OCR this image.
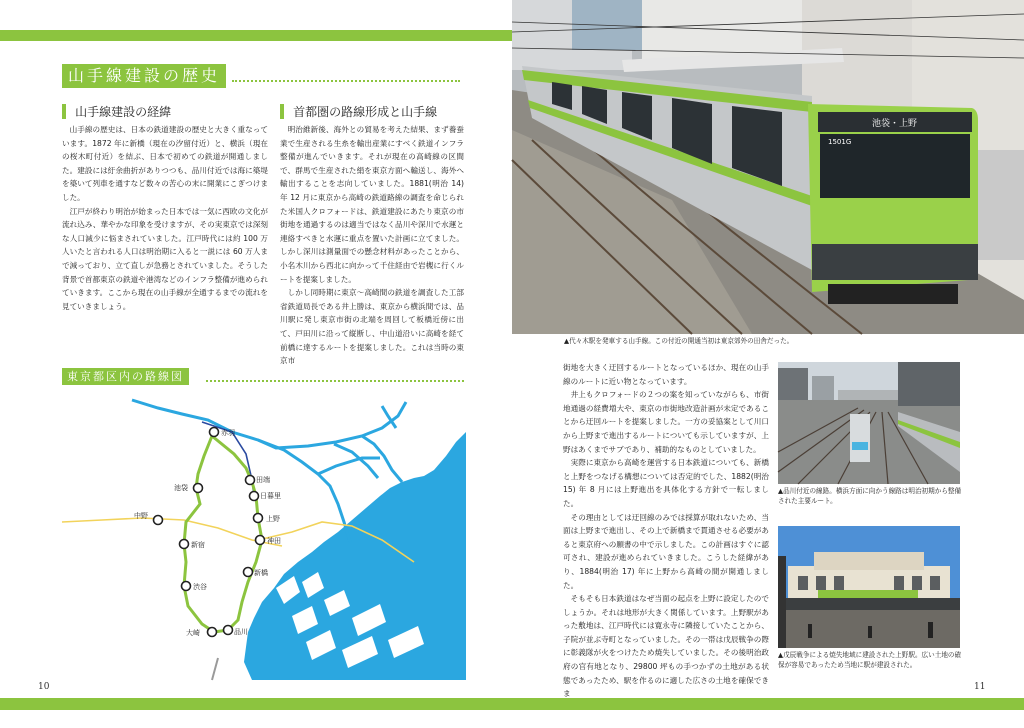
山手線建設の歴史
山手線建設の経緯

山手線の歴史は、日本の鉄道建設の歴史と大きく重なっています。1872 年に新橋（現在の汐留付近）と、横浜（現在の桜木町付近）を結ぶ、日本で初めての鉄道が開通しました。建設には紆余曲折がありつつも、品川付近では海に築堤を築いて列車を通すなど数々の苦心の末に開業にこぎつけました。

江戸が終わり明治が始まった日本では一気に西欧の文化が流れ込み、華やかな印象を受けますが、その実東京では深刻な人口減少に悩まされていました。江戸時代には約 100 万人いたと言われる人口は明治期に入ると一説には 60 万人まで減っており、立て直しが急務とされていました。そうした背景で首都東京の鉄道や港湾などのインフラ整備が進められていきます。ここから現在の山手線が全通するまでの流れを見ていきましょう。

首都圏の路線形成と山手線

明治維新後、海外との貿易を考えた結果、まず養蚕業で生産される生糸を輸出産業にすべく鉄道インフラ整備が進んでいきます。それが現在の高崎線の区間で、群馬で生産された絹を東京方面へ輸送し、海外へ輸出することを志向していました。1881(明治 14) 年 12 月に東京から高崎の鉄道路線の調査を命じられた米国人クロフォードは、鉄道建設にあたり東京の市街地を通過するのは適当ではなく品川や深川で水運と連絡すべきと水運に重点を置いた計画に立てました。しかし深川は測量面での懸念材料があったことから、小名木川から西北に向かって千住経由で岩槻に行くルートを提案しました。

しかし同時期に東京〜高崎間の鉄道を調査した工部省鉄道局長である井上勝は、東京から横浜間では、品川駅に発し東京市街の北端を周回して板橋近傍に出て、戸田川に沿って縦断し、中山道沿いに高崎を経て前橋に達するルートを提案しました。これは当時の東京市

東京都区内の路線図
赤羽
池袋
田端
日暮里
上野
中野
新宿	神田
新橋
渋谷
大崎	品川
10	11
池袋・上野
1501G
▲代々木駅を発車する山手線。この付近の開通当初は東京郊外の田舎だった。

街地を大きく迂回するルートとなっているほか、現在の山手線のルートに近い物となっています。

井上もクロフォードの２つの案を知っていながらも、市街地通過の経費増大や、東京の市街地改造計画が未定であることから迂回ルートを提案しました。一方の妥協案として川口から上野まで進出するルートについても示していますが、上野はあくまでサブであり、補助的なものとしていました。

実際に東京から高崎を運営する日本鉄道についても、新橋と上野をつなげる構想については否定的でした、1882(明治 15) 年 8 月には上野進出を具体化する方針で一転しました。

その理由としては迂回線のみでは採算が取れないため、当面は上野まで進出し、その上で新橋まで貫通させる必要があると東京府への願書の中で示しました。この計画はすぐに認可され、建設が進められていきました。こうした経緯があり、1884(明治 17) 年に上野から高崎の間が開通しました。

そもそも日本鉄道はなぜ当面の起点を上野に設定したのでしょうか。それは地形が大きく関係しています。上野駅があった敷地は、江戸時代には寛永寺に隣接していたことから、子院が並ぶ寺町となっていました。その一帯は戊辰戦争の際に彰義隊が火をつけたため焼失していました。その後明治政府の官有地となり、29800 坪もの手つかずの土地がある状態であったため、駅を作るのに適した広さの土地を確保できま

▲品川付近の線路。横浜方面に向かう線路は明治初期から整備された主要ルート。
▲戊辰戦争による焼失地域に建設された上野駅。広い土地の確保が容易であったため当地に駅が建設された。
